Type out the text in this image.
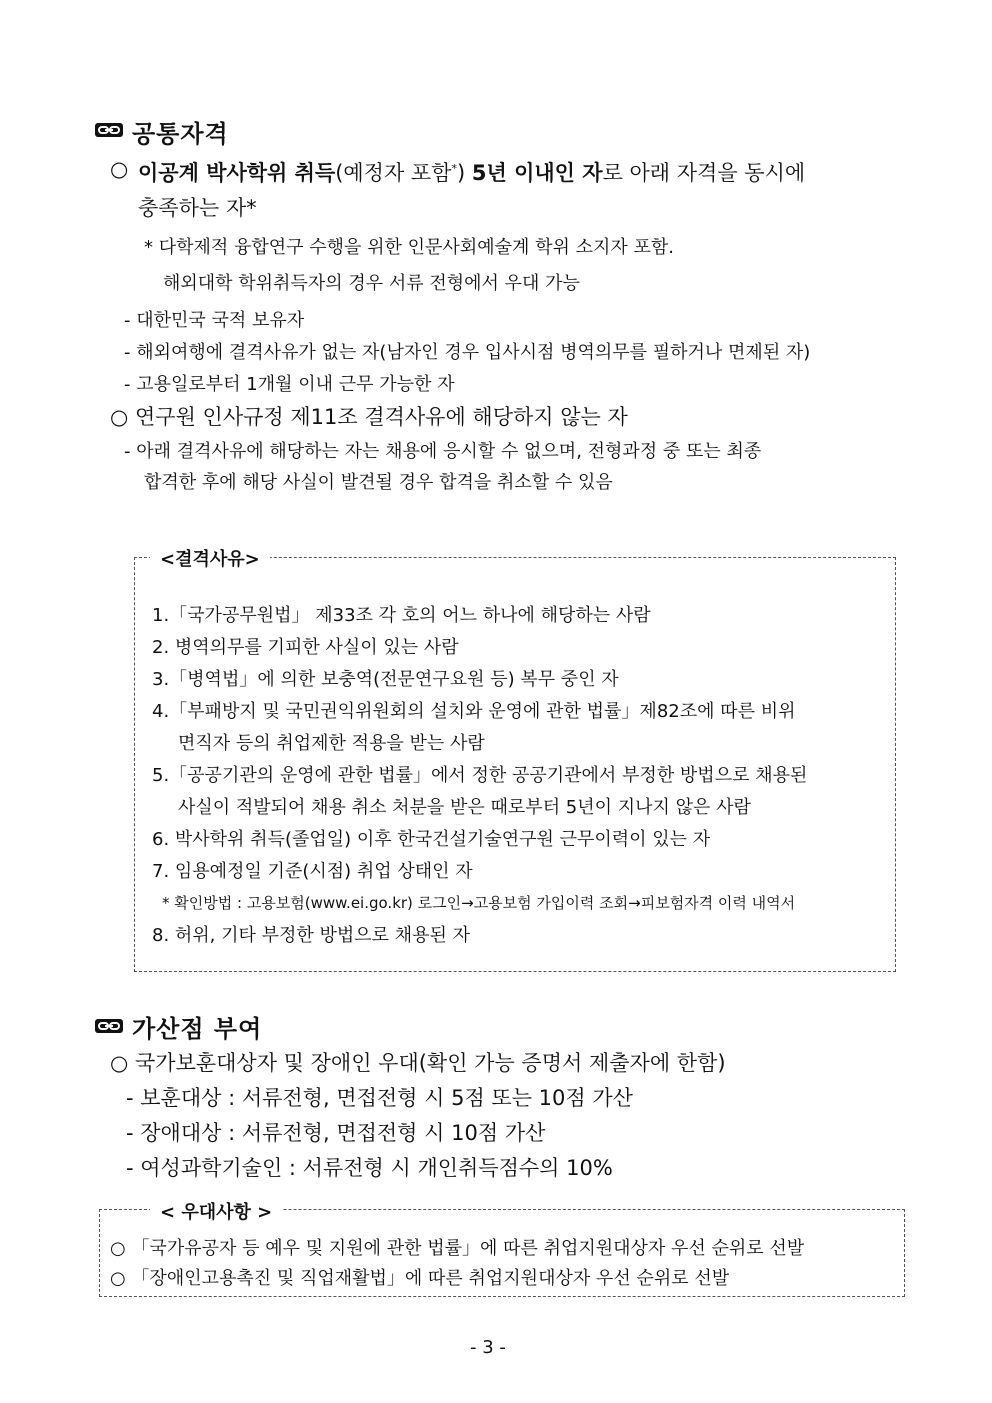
공통자격
○ 이공계 박사학위 취득(예정자 포함*) 5년 이내인 자로 아래 자격을 동시에
충족하는 자*
* 다학제적 융합연구 수행을 위한 인문사회예술계 학위 소지자 포함.
해외대학 학위취득자의 경우 서류 전형에서 우대 가능
- 대한민국 국적 보유자
- 해외여행에 결격사유가 없는 자(남자인 경우 입사시점 병역의무를 필하거나 면제된 자)
- 고용일로부터 1개월 이내 근무 가능한 자
○ 연구원 인사규정 제11조 결격사유에 해당하지 않는 자
- 아래 결격사유에 해당하는 자는 채용에 응시할 수 없으며, 전형과정 중 또는 최종
합격한 후에 해당 사실이 발견될 경우 합격을 취소할 수 있음
<결격사유>
1.「국가공무원법」 제33조 각 호의 어느 하나에 해당하는 사람
2. 병역의무를 기피한 사실이 있는 사람
3.「병역법」에 의한 보충역(전문연구요원 등) 복무 중인 자
4.「부패방지 및 국민권익위원회의 설치와 운영에 관한 법률」제82조에 따른 비위
면직자 등의 취업제한 적용을 받는 사람
5.「공공기관의 운영에 관한 법률」에서 정한 공공기관에서 부정한 방법으로 채용된
사실이 적발되어 채용 취소 처분을 받은 때로부터 5년이 지나지 않은 사람
6. 박사학위 취득(졸업일) 이후 한국건설기술연구원 근무이력이 있는 자
7. 임용예정일 기준(시점) 취업 상태인 자
* 확인방법 : 고용보험(www.ei.go.kr) 로그인→고용보험 가입이력 조회→피보험자격 이력 내역서
8. 허위, 기타 부정한 방법으로 채용된 자
가산점 부여
○ 국가보훈대상자 및 장애인 우대(확인 가능 증명서 제출자에 한함)
- 보훈대상 : 서류전형, 면접전형 시 5점 또는 10점 가산
- 장애대상 : 서류전형, 면접전형 시 10점 가산
- 여성과학기술인 : 서류전형 시 개인취득점수의 10%
< 우대사항 >
○ 「국가유공자 등 예우 및 지원에 관한 법률」에 따른 취업지원대상자 우선 순위로 선발
○ 「장애인고용촉진 및 직업재활법」에 따른 취업지원대상자 우선 순위로 선발
- 3 -
